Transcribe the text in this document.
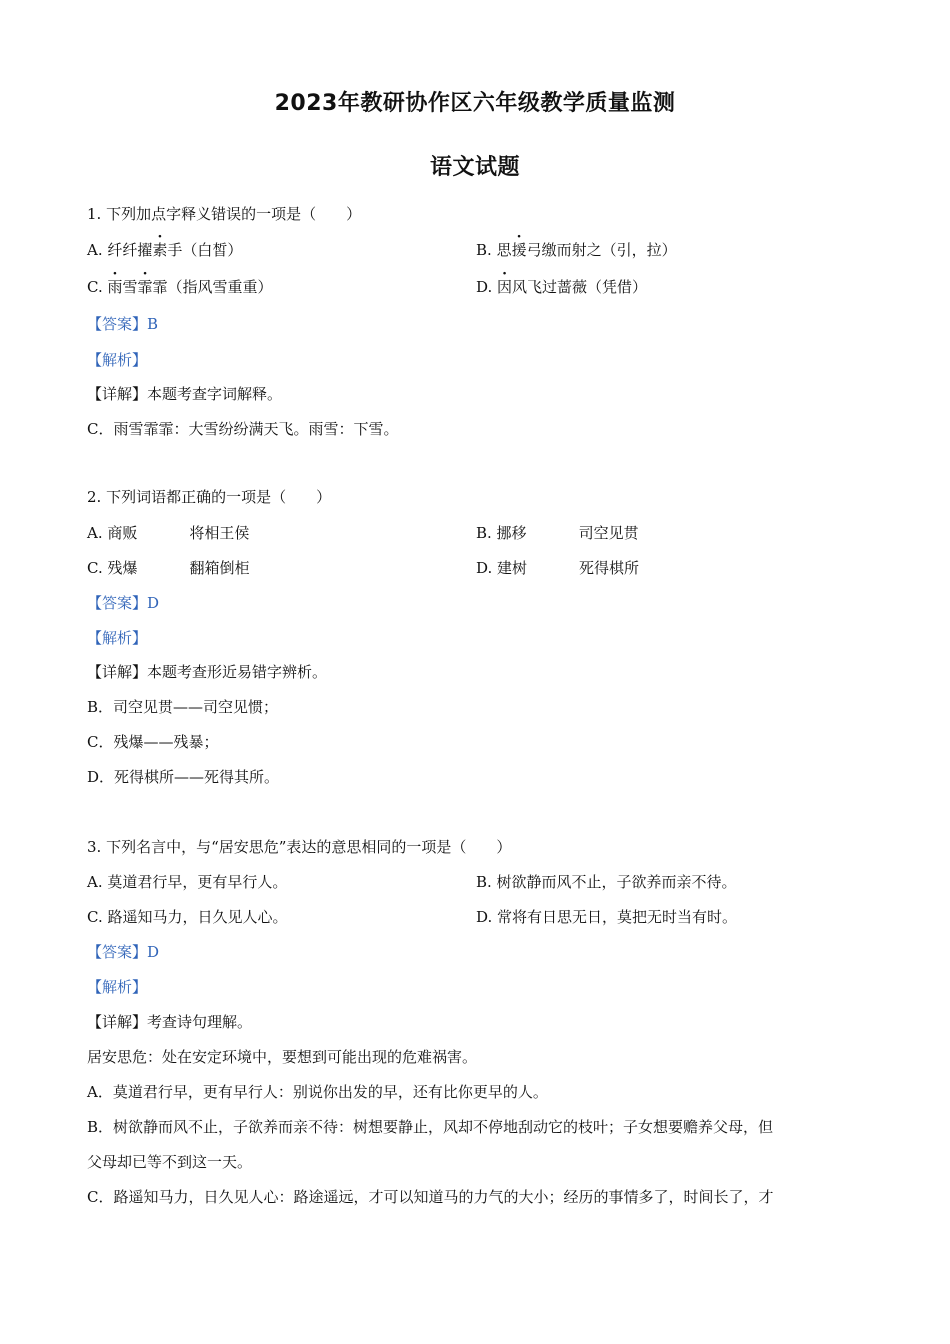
2023年教研协作区六年级教学质量监测
语文试题
1. 下列加点字释义错误的一项是（　　）
A. 纤纤擢素手（白皙）	B. 思援弓缴而射之（引，拉）
C. 雨雪霏霏（指风雪重重）	D. 因风飞过蔷薇（凭借）
【答案】B
【解析】
【详解】本题考查字词解释。
C．雨雪霏霏：大雪纷纷满天飞。雨雪：下雪。
2. 下列词语都正确的一项是（　　）
A. 商贩	将相王侯	B. 挪移	司空见贯
C. 残爆	翻箱倒柜	D. 建树	死得棋所
【答案】D
【解析】
【详解】本题考查形近易错字辨析。
B．司空见贯——司空见惯；
C．残爆——残暴；
D．死得棋所——死得其所。
3. 下列名言中，与“居安思危”表达的意思相同的一项是（　　）
A. 莫道君行早，更有早行人。	B. 树欲静而风不止，子欲养而亲不待。
C. 路遥知马力，日久见人心。	D. 常将有日思无日，莫把无时当有时。
【答案】D
【解析】
【详解】考查诗句理解。
居安思危：处在安定环境中，要想到可能出现的危难祸害。
A．莫道君行早，更有早行人：别说你出发的早，还有比你更早的人。
B．树欲静而风不止，子欲养而亲不待：树想要静止，风却不停地刮动它的枝叶；子女想要赡养父母，但
父母却已等不到这一天。
C．路遥知马力，日久见人心：路途遥远，才可以知道马的力气的大小；经历的事情多了，时间长了，才
